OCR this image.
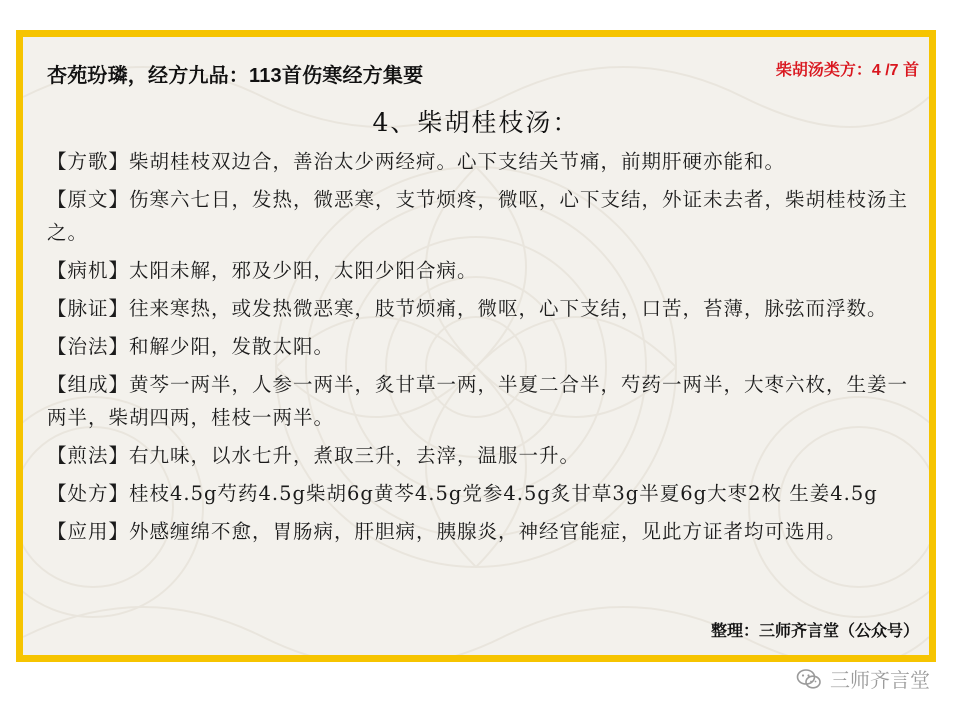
杏苑玢璘，经方九品：113首伤寒经方集要	柴胡汤类方：4 /7 首
4、柴胡桂枝汤：

【方歌】柴胡桂枝双边合，善治太少两经疴。心下支结关节痛，前期肝硬亦能和。

【原文】伤寒六七日，发热，微恶寒，支节烦疼，微呕，心下支结，外证未去者，柴胡桂枝汤主之。

【病机】太阳未解，邪及少阳，太阳少阳合病。

【脉证】往来寒热，或发热微恶寒，肢节烦痛，微呕，心下支结，口苦，苔薄，脉弦而浮数。

【治法】和解少阳，发散太阳。

【组成】黄芩一两半，人参一两半，炙甘草一两，半夏二合半，芍药一两半，大枣六枚，生姜一两半，柴胡四两，桂枝一两半。

【煎法】右九味，以水七升，煮取三升，去滓，温服一升。

【处方】桂枝4.5g芍药4.5g柴胡6g黄芩4.5g党参4.5g炙甘草3g半夏6g大枣2枚 生姜4.5g

【应用】外感缠绵不愈，胃肠病，肝胆病，胰腺炎，神经官能症，见此方证者均可选用。

整理：三师齐言堂（公众号）
三师齐言堂
